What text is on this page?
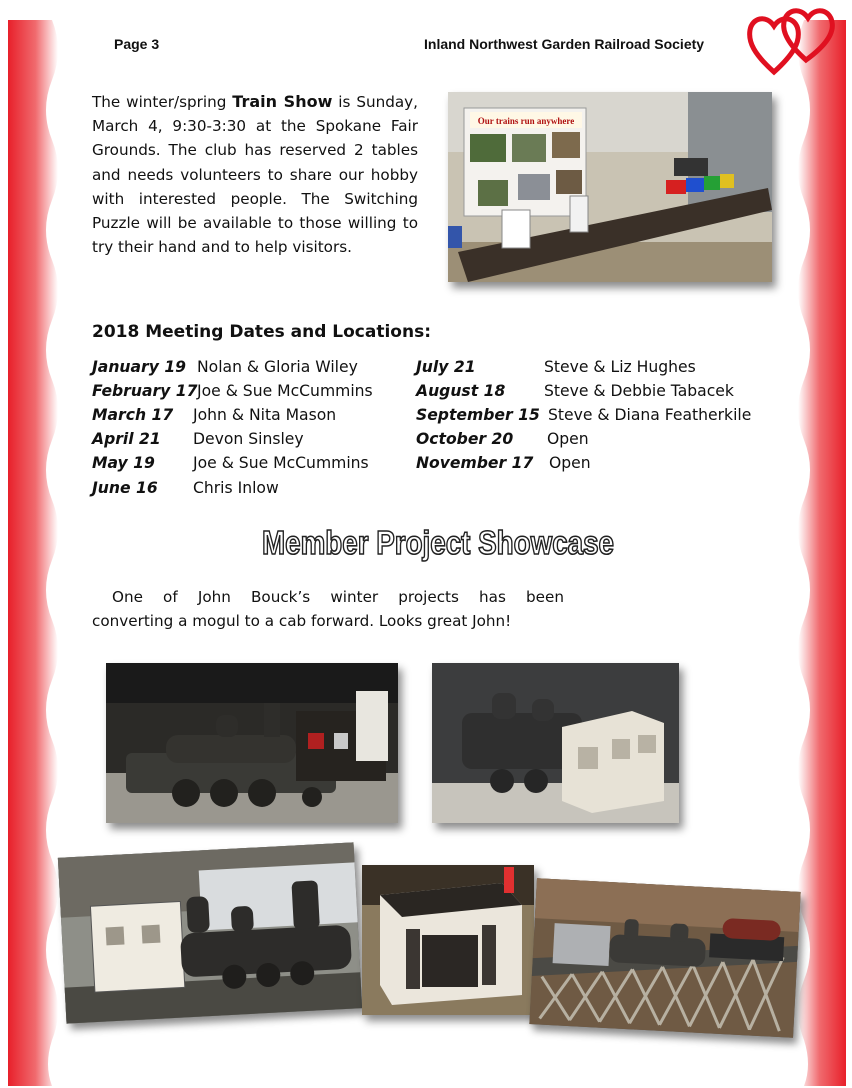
Page 3	Inland Northwest Garden Railroad Society

The winter/spring Train Show is Sunday, March 4, 9:30-3:30 at the Spokane Fair Grounds. The club has reserved 2 tables and needs volunteers to share our hobby with interested people. The Switching Puzzle will be available to those willing to try their hand and to help visitors.

Our trains run anywhere
2018 Meeting Dates and Locations:
January 19 Nolan & Gloria Wiley
February 17Joe & Sue McCummins
March 17 John & Nita Mason
April 21 Devon Sinsley
May 19 Joe & Sue McCummins
June 16 Chris Inlow
July 21	Steve & Liz Hughes
August 18 Steve & Debbie Tabacek
September 15 Steve & Diana Featherkile
October 20 Open
November 17 Open
Member Project Showcase

One of John Bouck’s winter projects has been
converting a mogul to a cab forward. Looks great John!
